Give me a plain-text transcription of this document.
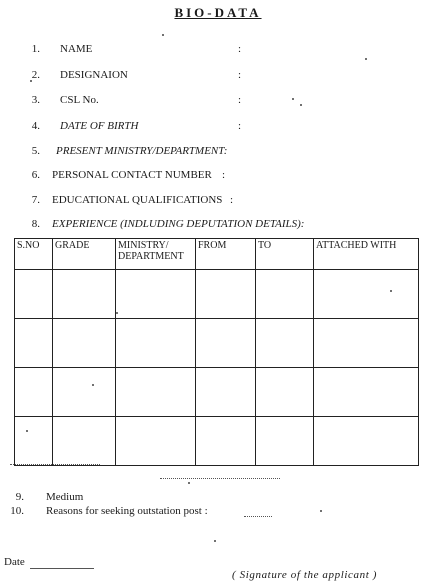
BIO-DATA
1. NAME	:
2. DESIGNAION	:
3. CSL No.	:
4. DATE OF BIRTH	:
5. PRESENT MINISTRY/DEPARTMENT:
6. PERSONAL CONTACT NUMBER :
7. EDUCATIONAL QUALIFICATIONS :
8. EXPERIENCE (INDLUDING DEPUTATION DETAILS):
S.NO	GRADE	MINISTRY/ DEPARTMENT	FROM	TO	ATTACHED WITH

9. Medium
10. Reasons for seeking outstation post :
Date
( Signature of the applicant )
